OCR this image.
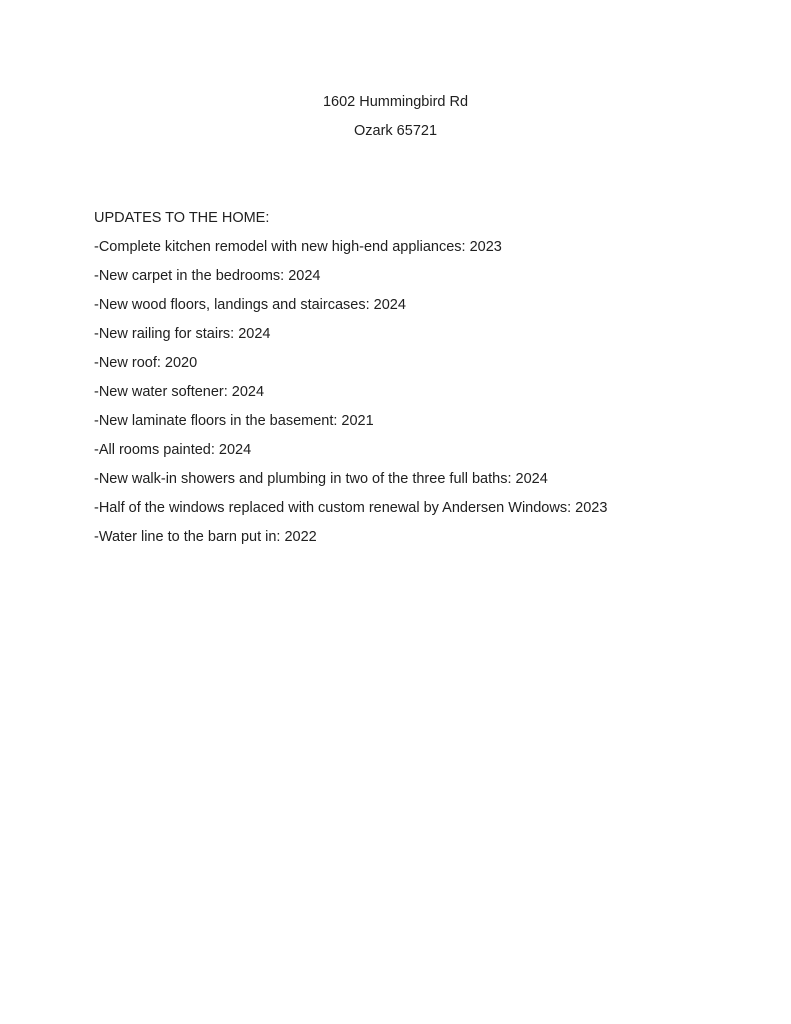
1602 Hummingbird Rd

Ozark 65721

UPDATES TO THE HOME:

-Complete kitchen remodel with new high-end appliances: 2023

-New carpet in the bedrooms: 2024

-New wood floors, landings and staircases: 2024

-New railing for stairs: 2024

-New roof: 2020

-New water softener: 2024

-New laminate floors in the basement: 2021

-All rooms painted: 2024

-New walk-in showers and plumbing in two of the three full baths: 2024

-Half of the windows replaced with custom renewal by Andersen Windows: 2023

-Water line to the barn put in: 2022
